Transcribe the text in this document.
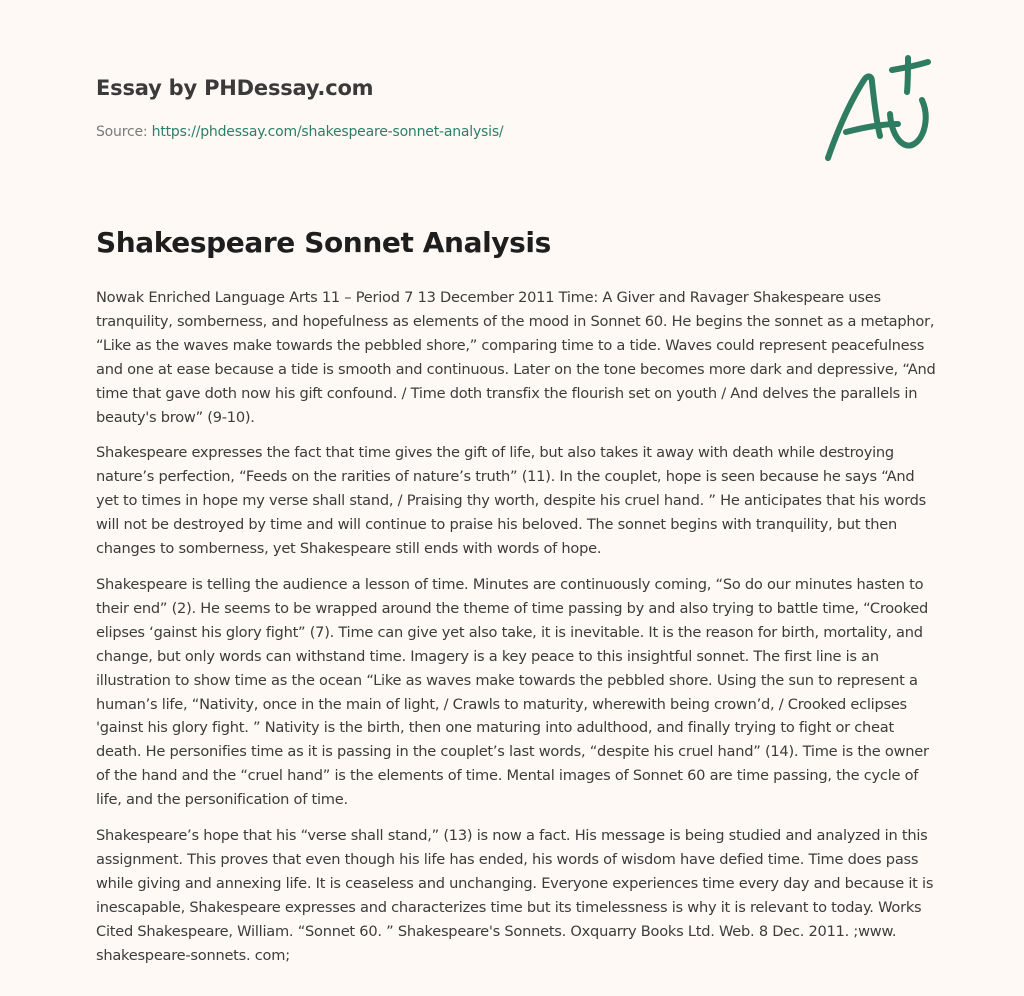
Essay by PHDessay.com
Source: https://phdessay.com/shakespeare-sonnet-analysis/
Shakespeare Sonnet Analysis

Nowak Enriched Language Arts 11 – Period 7 13 December 2011 Time: A Giver and Ravager Shakespeare uses tranquility, somberness, and hopefulness as elements of the mood in Sonnet 60. He begins the sonnet as a metaphor, “Like as the waves make towards the pebbled shore,” comparing time to a tide. Waves could represent peacefulness and one at ease because a tide is smooth and continuous. Later on the tone becomes more dark and depressive, “And time that gave doth now his gift confound. / Time doth transfix the flourish set on youth / And delves the parallels in beauty's brow” (9-10).

Shakespeare expresses the fact that time gives the gift of life, but also takes it away with death while destroying nature’s perfection, “Feeds on the rarities of nature’s truth” (11). In the couplet, hope is seen because he says “And yet to times in hope my verse shall stand, / Praising thy worth, despite his cruel hand. ” He anticipates that his words will not be destroyed by time and will continue to praise his beloved. The sonnet begins with tranquility, but then changes to somberness, yet Shakespeare still ends with words of hope.

Shakespeare is telling the audience a lesson of time. Minutes are continuously coming, “So do our minutes hasten to their end” (2). He seems to be wrapped around the theme of time passing by and also trying to battle time, “Crooked elipses ‘gainst his glory fight” (7). Time can give yet also take, it is inevitable. It is the reason for birth, mortality, and change, but only words can withstand time. Imagery is a key peace to this insightful sonnet. The first line is an illustration to show time as the ocean “Like as waves make towards the pebbled shore. Using the sun to represent a human’s life, “Nativity, once in the main of light, / Crawls to maturity, wherewith being crown’d, / Crooked eclipses 'gainst his glory fight. ” Nativity is the birth, then one maturing into adulthood, and finally trying to fight or cheat death. He personifies time as it is passing in the couplet’s last words, “despite his cruel hand” (14). Time is the owner of the hand and the “cruel hand” is the elements of time. Mental images of Sonnet 60 are time passing, the cycle of life, and the personification of time.

Shakespeare’s hope that his “verse shall stand,” (13) is now a fact. His message is being studied and analyzed in this assignment. This proves that even though his life has ended, his words of wisdom have defied time. Time does pass while giving and annexing life. It is ceaseless and unchanging. Everyone experiences time every day and because it is inescapable, Shakespeare expresses and characterizes time but its timelessness is why it is relevant to today. Works Cited Shakespeare, William. “Sonnet 60. ” Shakespeare's Sonnets. Oxquarry Books Ltd. Web. 8 Dec. 2011. ;www. shakespeare-sonnets. com;
